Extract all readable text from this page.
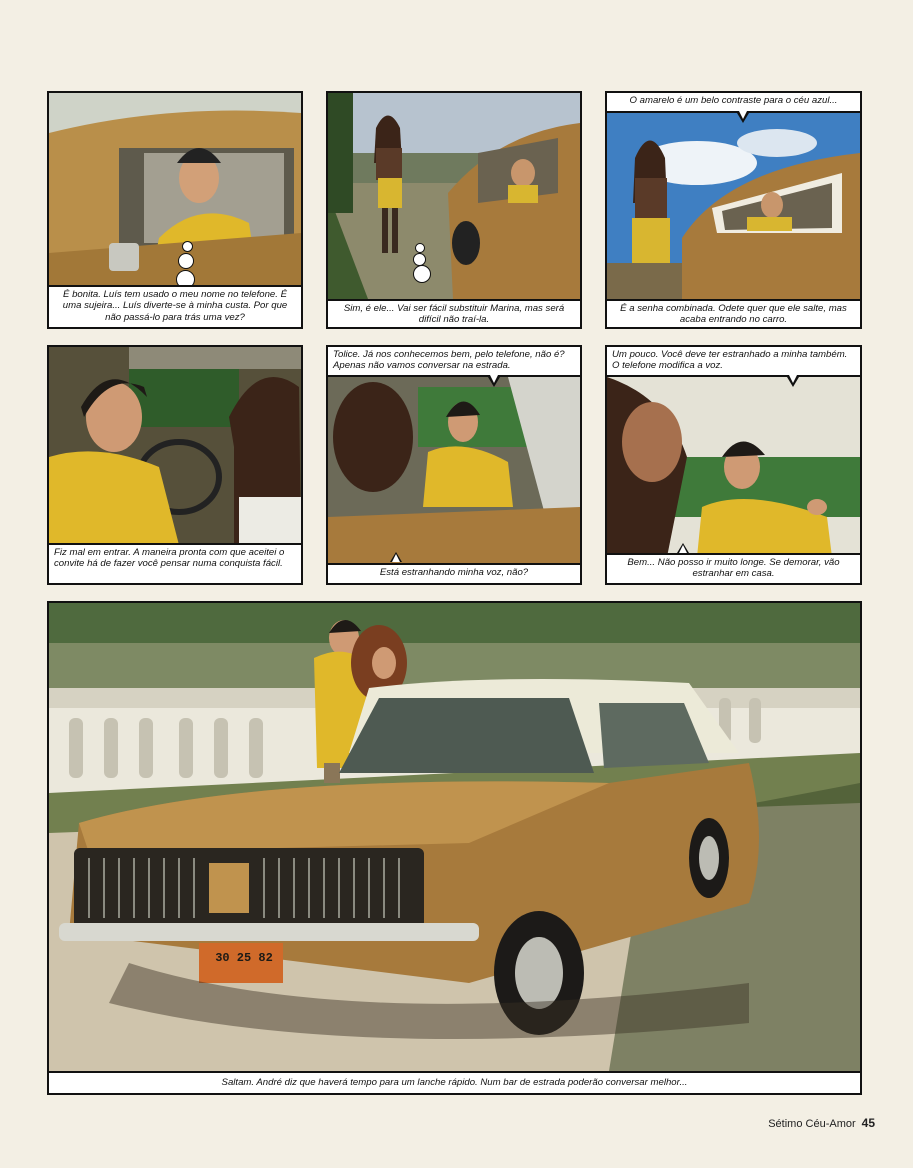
É bonita. Luís tem usado o meu nome no telefone. É uma sujeira... Luís diverte-se à minha custa. Por que não passá-lo para trás uma vez?
Sim, é ele... Vai ser fácil substituir Marina, mas será difícil não traí-la.
O amarelo é um belo contraste para o céu azul...
É a senha combinada. Odete quer que ele salte, mas acaba entrando no carro.
Fiz mal em entrar. A maneira pronta com que aceitei o convite há de fazer você pensar numa conquista fácil.
Tolice. Já nos conhecemos bem, pelo telefone, não é? Apenas não vamos conversar na estrada.
Está estranhando minha voz, não?
Um pouco. Você deve ter estranhado a minha também. O telefone modifica a voz.
Bem... Não posso ir muito longe. Se demorar, vão estranhar em casa.
30 25 82
Saltam. André diz que haverá tempo para um lanche rápido. Num bar de estrada poderão conversar melhor...
Sétimo Céu-Amor 45
